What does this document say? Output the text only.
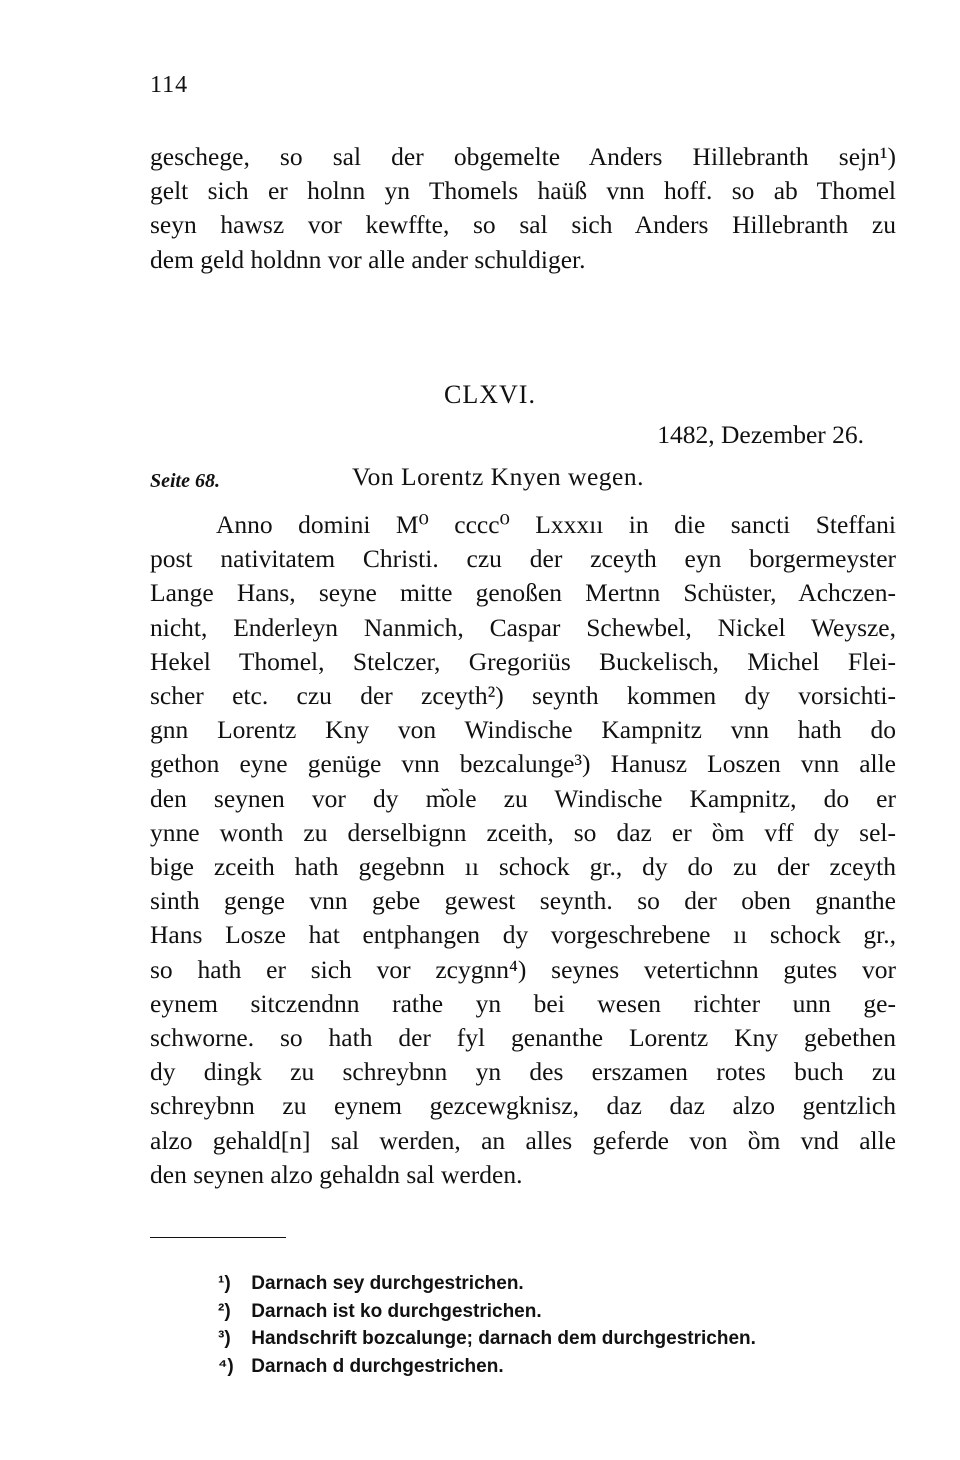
114
geschege, so sal der obgemelte Anders Hillebranth sejn¹)
gelt sich er holnn yn Thomels haüß vnn hoff. so ab Thomel
seyn hawsz vor kewffte, so sal sich Anders Hillebranth zu
dem geld holdnn vor alle ander schuldiger.
CLXVI.
1482, Dezember 26.
Seite 68.	Von Lorentz Knyen wegen.
Anno domini M⁰ cccc⁰ Lxxxıı in die sancti Steffani
post nativitatem Christi. czu der zceyth eyn borgermeyster
Lange Hans, seyne mitte genoßen Mertnn Schüster, Achczen-
nicht, Enderleyn Nanmich, Caspar Schewbel, Nickel Weysze,
Hekel Thomel, Stelczer, Gregoriüs Buckelisch, Michel Flei-
scher etc. czu der zceyth²) seynth kommen dy vorsichti-
gnn Lorentz Kny von Windische Kampnitz vnn hath do
gethon eyne genüge vnn bezcalunge³) Hanusz Loszen vnn alle
den seynen vor dy m᷈ole zu Windische Kampnitz, do er
ynne wonth zu derselbignn zceith, so daz er ȍm vff dy sel-
bige zceith hath gegebnn ıı schock gr., dy do zu der zceyth
sinth genge vnn gebe gewest seynth. so der oben gnanthe
Hans Losze hat entphangen dy vorgeschrebene ıı schock gr.,
so hath er sich vor zcygnn⁴) seynes vetertichnn gutes vor
eynem sitczendnn rathe yn bei wesen richter unn ge-
schworne. so hath der fyl genanthe Lorentz Kny gebethen
dy dingk zu schreybnn yn des erszamen rotes buch zu
schreybnn zu eynem gezcewgknisz, daz daz alzo gentzlich
alzo gehald[n] sal werden, an alles geferde von ȍm vnd alle
den seynen alzo gehaldn sal werden.
¹) Darnach sey durchgestrichen.
²) Darnach ist ko durchgestrichen.
³) Handschrift bozcalunge; darnach dem durchgestrichen.
⁴) Darnach d durchgestrichen.
